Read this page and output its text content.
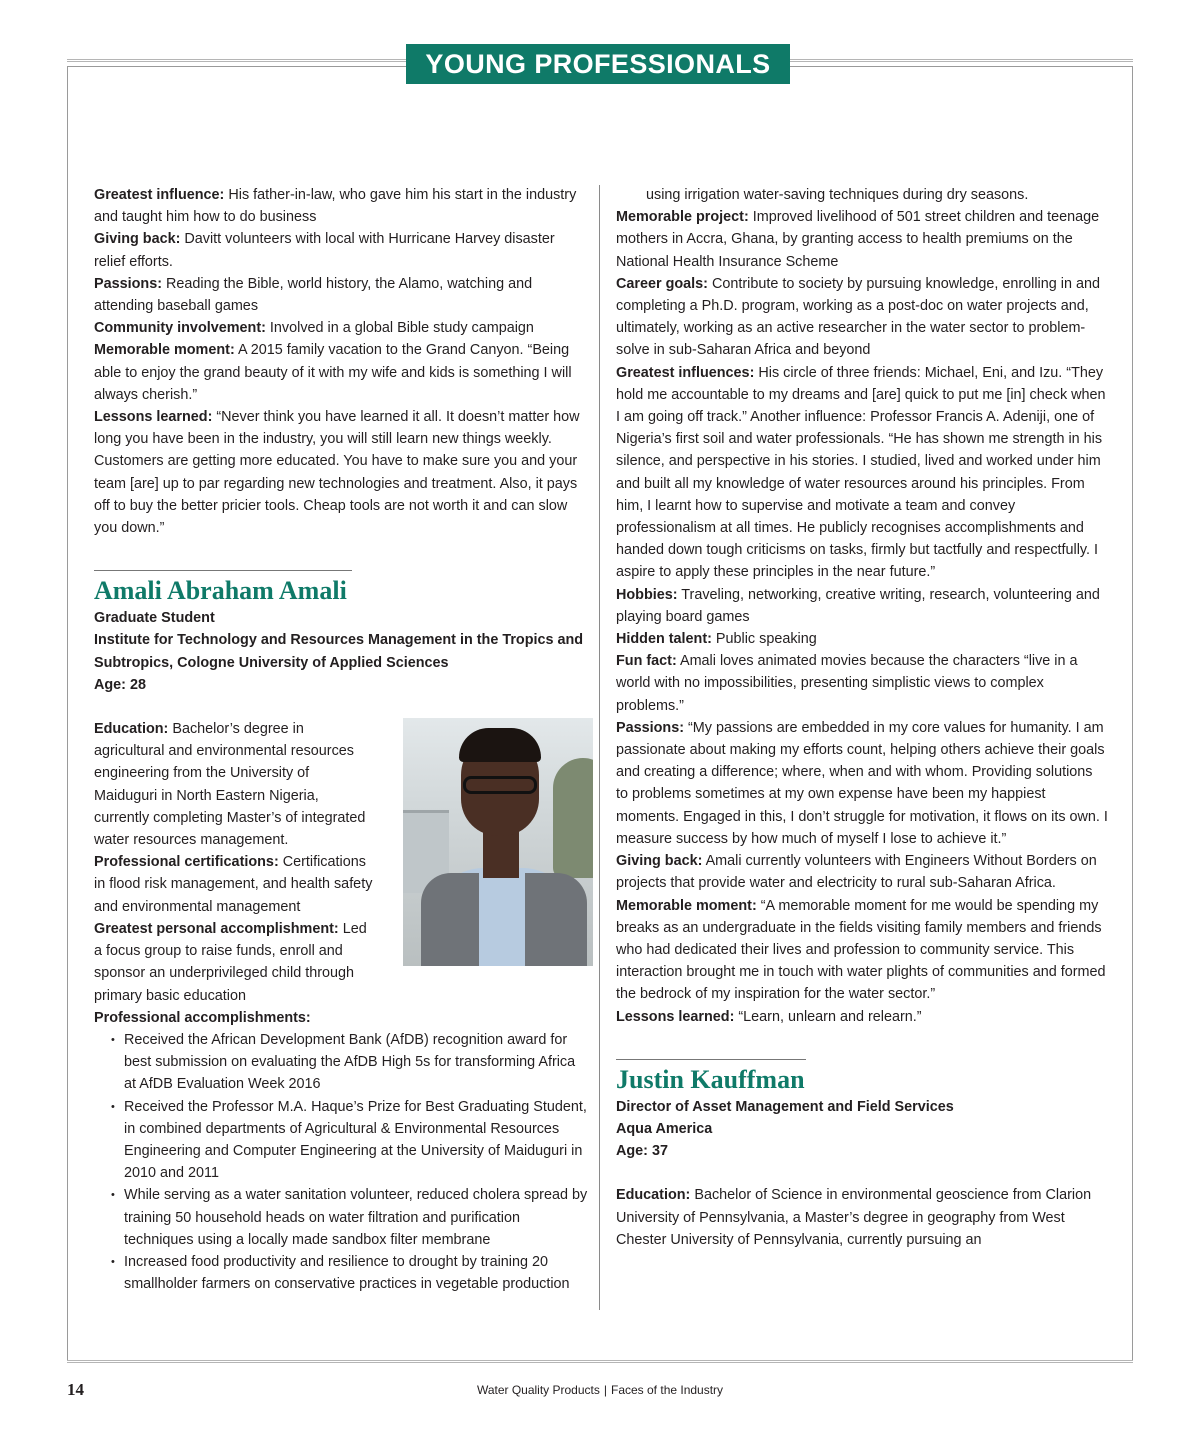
YOUNG PROFESSIONALS

Greatest influence: His father-in-law, who gave him his start in the industry and taught him how to do business

Giving back: Davitt volunteers with local with Hurricane Harvey disaster relief efforts.

Passions: Reading the Bible, world history, the Alamo, watching and attending baseball games

Community involvement: Involved in a global Bible study campaign

Memorable moment: A 2015 family vacation to the Grand Canyon. “Being able to enjoy the grand beauty of it with my wife and kids is something I will always cherish.”

Lessons learned: “Never think you have learned it all. It doesn’t matter how long you have been in the industry, you will still learn new things weekly. Customers are getting more educated. You have to make sure you and your team [are] up to par regarding new technologies and treatment. Also, it pays off to buy the better pricier tools. Cheap tools are not worth it and can slow you down.”

Amali Abraham Amali

Graduate Student

Institute for Technology and Resources Management in the Tropics and Subtropics, Cologne University of Applied Sciences

Age: 28

Education: Bachelor’s degree in agricultural and environmental resources engineering from the University of Maiduguri in North Eastern Nigeria, currently completing Master’s of integrated water resources management.

Professional certifications: Certifications in flood risk management, and health safety and environmental management

Greatest personal accomplishment: Led a focus group to raise funds, enroll and sponsor an underprivileged child through primary basic education

Professional accomplishments:

• Received the African Development Bank (AfDB) recognition award for best submission on evaluating the AfDB High 5s for transforming Africa at AfDB Evaluation Week 2016
• Received the Professor M.A. Haque’s Prize for Best Graduating Student, in combined departments of Agricultural & Environmental Resources Engineering and Computer Engineering at the University of Maiduguri in 2010 and 2011
• While serving as a water sanitation volunteer, reduced cholera spread by training 50 household heads on water filtration and purification techniques using a locally made sandbox filter membrane
• Increased food productivity and resilience to drought by training 20 smallholder farmers on conservative practices in vegetable production

using irrigation water-saving techniques during dry seasons.

Memorable project: Improved livelihood of 501 street children and teenage mothers in Accra, Ghana, by granting access to health premiums on the National Health Insurance Scheme

Career goals: Contribute to society by pursuing knowledge, enrolling in and completing a Ph.D. program, working as a post-doc on water projects and, ultimately, working as an active researcher in the water sector to problem-solve in sub-Saharan Africa and beyond

Greatest influences: His circle of three friends: Michael, Eni, and Izu. “They hold me accountable to my dreams and [are] quick to put me [in] check when I am going off track.” Another influence: Professor Francis A. Adeniji, one of Nigeria’s first soil and water professionals. “He has shown me strength in his silence, and perspective in his stories. I studied, lived and worked under him and built all my knowledge of water resources around his principles. From him, I learnt how to supervise and motivate a team and convey professionalism at all times. He publicly recognises accomplishments and handed down tough criticisms on tasks, firmly but tactfully and respectfully. I aspire to apply these principles in the near future.”

Hobbies: Traveling, networking, creative writing, research, volunteering and playing board games

Hidden talent: Public speaking

Fun fact: Amali loves animated movies because the characters “live in a world with no impossibilities, presenting simplistic views to complex problems.”

Passions: “My passions are embedded in my core values for humanity. I am passionate about making my efforts count, helping others achieve their goals and creating a difference; where, when and with whom. Providing solutions to problems sometimes at my own expense have been my happiest moments. Engaged in this, I don’t struggle for motivation, it flows on its own. I measure success by how much of myself I lose to achieve it.”

Giving back: Amali currently volunteers with Engineers Without Borders on projects that provide water and electricity to rural sub-Saharan Africa.

Memorable moment: “A memorable moment for me would be spending my breaks as an undergraduate in the fields visiting family members and friends who had dedicated their lives and profession to community service. This interaction brought me in touch with water plights of communities and formed the bedrock of my inspiration for the water sector.”

Lessons learned: “Learn, unlearn and relearn.”

Justin Kauffman

Director of Asset Management and Field Services

Aqua America

Age: 37

Education: Bachelor of Science in environmental geoscience from Clarion University of Pennsylvania, a Master’s degree in geography from West Chester University of Pennsylvania, currently pursuing an

14	Water Quality Products | Faces of the Industry
